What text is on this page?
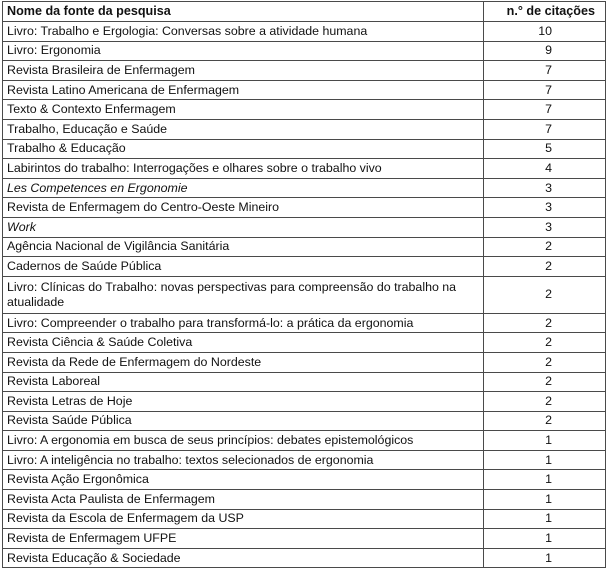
Nome da fonte da pesquisa	n.° de citações
Livro: Trabalho e Ergologia: Conversas sobre a atividade humana	10
Livro: Ergonomia	9
Revista Brasileira de Enfermagem	7
Revista Latino Americana de Enfermagem	7
Texto & Contexto Enfermagem	7
Trabalho, Educação e Saúde	7
Trabalho & Educação	5
Labirintos do trabalho: Interrogações e olhares sobre o trabalho vivo	4
Les Competences en Ergonomie	3
Revista de Enfermagem do Centro-Oeste Mineiro	3
Work	3
Agência Nacional de Vigilância Sanitária	2
Cadernos de Saúde Pública	2
Livro: Clínicas do Trabalho: novas perspectivas para compreensão do trabalho na atualidade	2
Livro: Compreender o trabalho para transformá-lo: a prática da ergonomia	2
Revista Ciência & Saúde Coletiva	2
Revista da Rede de Enfermagem do Nordeste	2
Revista Laboreal	2
Revista Letras de Hoje	2
Revista Saúde Pública	2
Livro: A ergonomia em busca de seus princípios: debates epistemológicos	1
Livro: A inteligência no trabalho: textos selecionados de ergonomia	1
Revista Ação Ergonômica	1
Revista Acta Paulista de Enfermagem	1
Revista da Escola de Enfermagem da USP	1
Revista de Enfermagem UFPE	1
Revista Educação & Sociedade	1
